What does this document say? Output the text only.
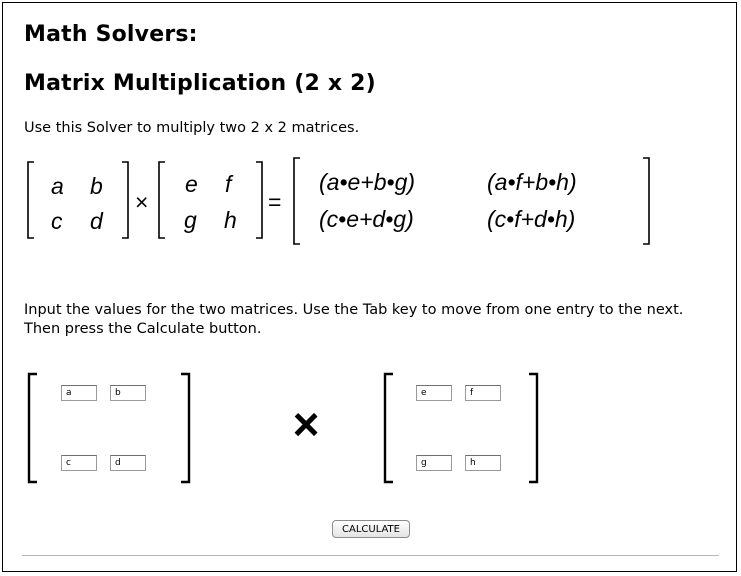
Math Solvers:
Matrix Multiplication (2 x 2)

Use this Solver to multiply two 2 x 2 matrices.

a b
c d
×
e f
g h
=
(a•e+b•g)	(a•f+b•h)
(c•e+d•g)	(c•f+d•h)

Input the values for the two matrices. Use the Tab key to move from one entry to the next. Then press the Calculate button.

a
b
c
d
×
e
f
g
h
CALCULATE
